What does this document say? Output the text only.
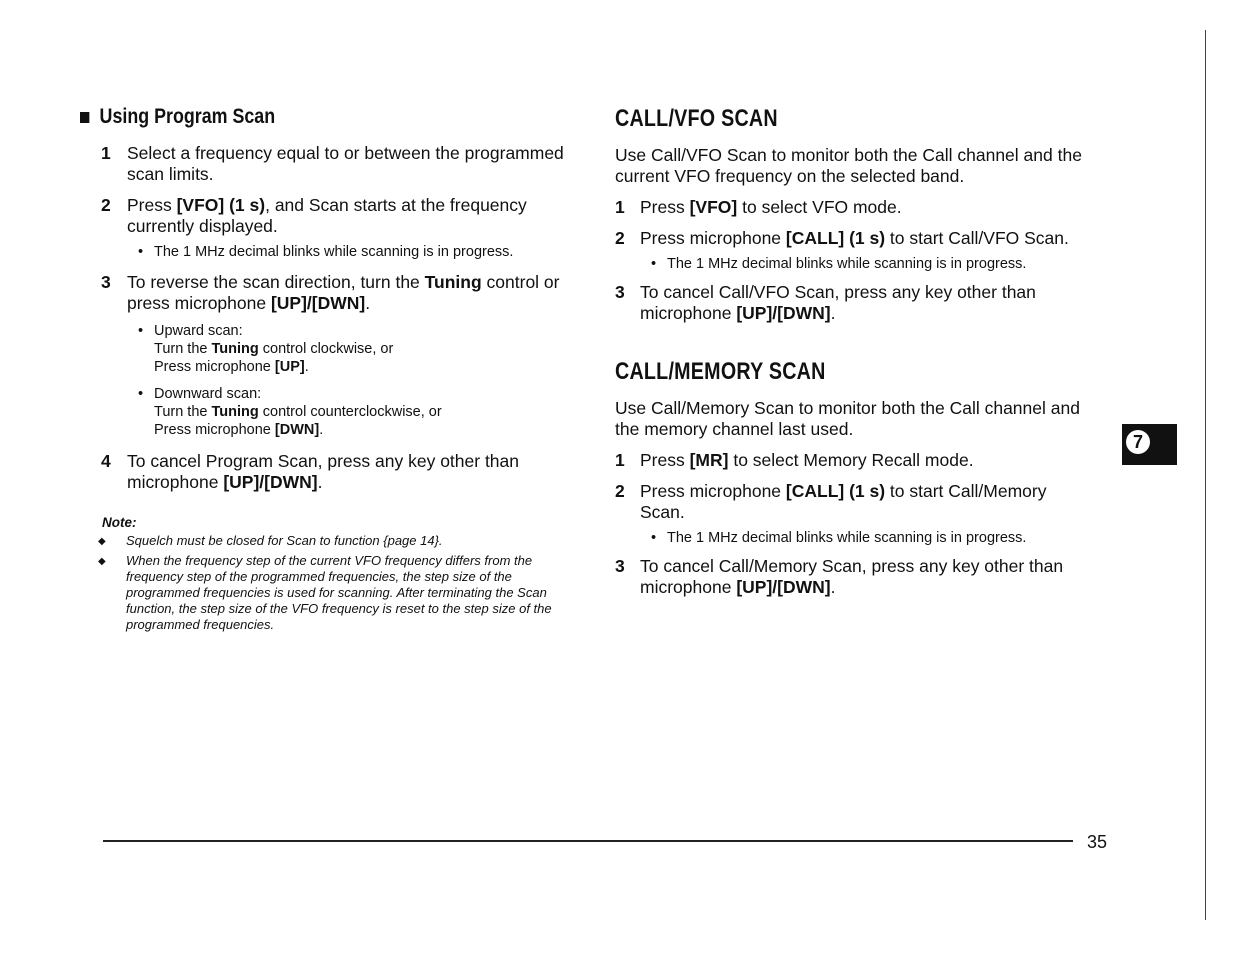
Using Program Scan
1 Select a frequency equal to or between the programmed scan limits.
2 Press [VFO] (1 s), and Scan starts at the frequency currently displayed.
• The 1 MHz decimal blinks while scanning is in progress.
3 To reverse the scan direction, turn the Tuning control or press microphone [UP]/[DWN].
• Upward scan:
Turn the Tuning control clockwise, or
Press microphone [UP].
• Downward scan:
Turn the Tuning control counterclockwise, or
Press microphone [DWN].
4 To cancel Program Scan, press any key other than microphone [UP]/[DWN].
Note:
◆	Squelch must be closed for Scan to function {page 14}.
◆	When the frequency step of the current VFO frequency differs from the frequency step of the programmed frequencies, the step size of the programmed frequencies is used for scanning. After terminating the Scan function, the step size of the VFO frequency is reset to the step size of the programmed frequencies.
CALL/VFO SCAN

Use Call/VFO Scan to monitor both the Call channel and the current VFO frequency on the selected band.

1 Press [VFO] to select VFO mode.
2 Press microphone [CALL] (1 s) to start Call/VFO Scan.
• The 1 MHz decimal blinks while scanning is in progress.
3 To cancel Call/VFO Scan, press any key other than microphone [UP]/[DWN].
CALL/MEMORY SCAN

Use Call/Memory Scan to monitor both the Call channel and the memory channel last used.

1 Press [MR] to select Memory Recall mode.
2 Press microphone [CALL] (1 s) to start Call/Memory Scan.
• The 1 MHz decimal blinks while scanning is in progress.
3 To cancel Call/Memory Scan, press any key other than microphone [UP]/[DWN].
7
35
